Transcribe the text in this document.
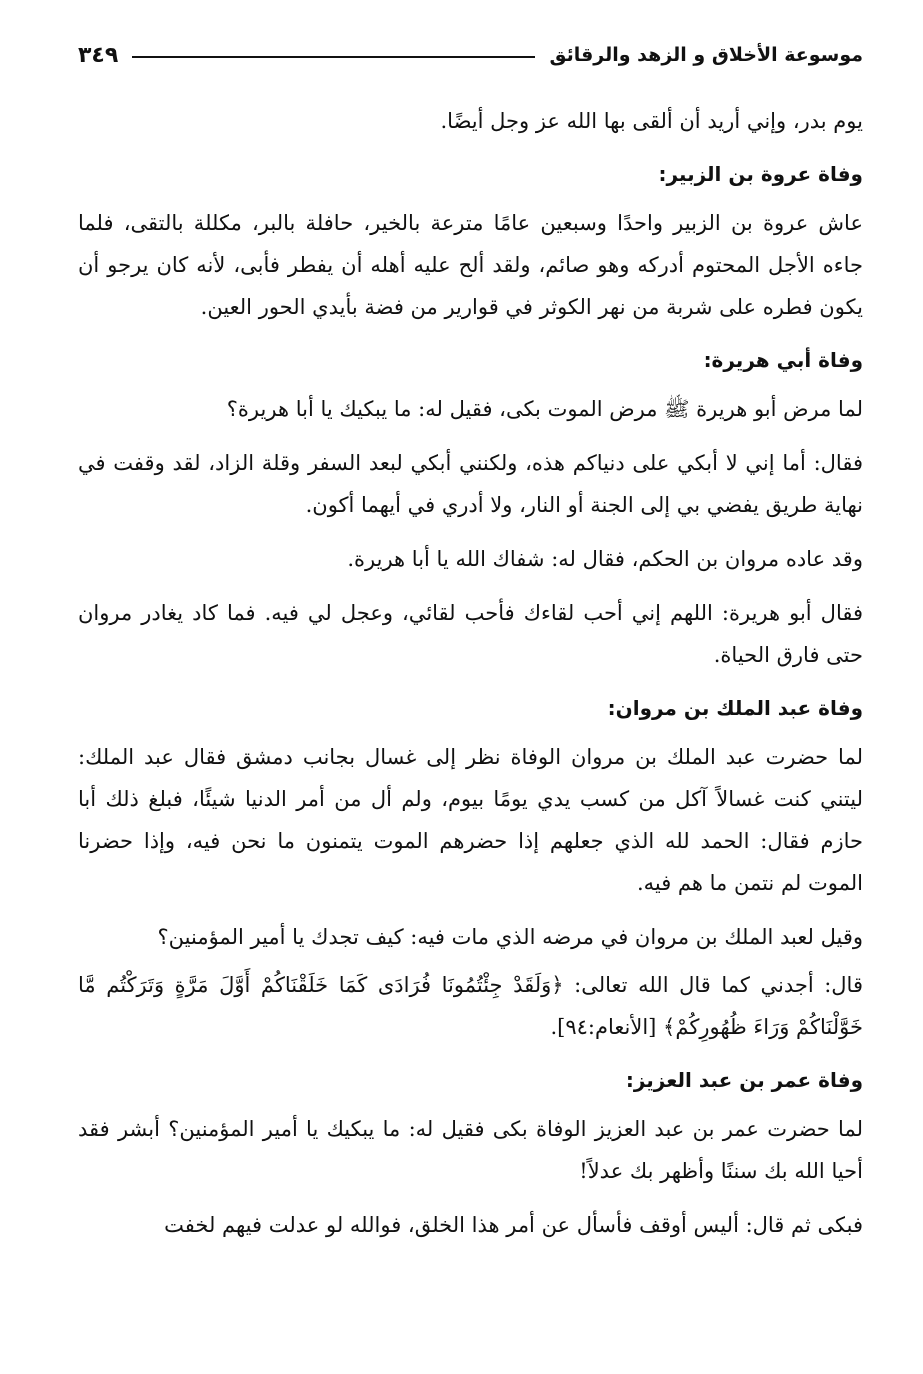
موسوعة الأخلاق و الزهد والرقائق
٣٤٩

يوم بدر، وإني أريد أن ألقى بها الله عز وجل أيضًا.

وفاة عروة بن الزبير:

عاش عروة بن الزبير واحدًا وسبعين عامًا مترعة بالخير، حافلة بالبر، مكللة بالتقى، فلما جاءه الأجل المحتوم أدركه وهو صائم، ولقد ألح عليه أهله أن يفطر فأبى، لأنه كان يرجو أن يكون فطره على شربة من نهر الكوثر في قوارير من فضة بأيدي الحور العين.

وفاة أبي هريرة:

لما مرض أبو هريرة ﷺ مرض الموت بكى، فقيل له: ما يبكيك يا أبا هريرة؟

فقال: أما إني لا أبكي على دنياكم هذه، ولكنني أبكي لبعد السفر وقلة الزاد، لقد وقفت في نهاية طريق يفضي بي إلى الجنة أو النار، ولا أدري في أيهما أكون.

وقد عاده مروان بن الحكم، فقال له: شفاك الله يا أبا هريرة.

فقال أبو هريرة: اللهم إني أحب لقاءك فأحب لقائي، وعجل لي فيه. فما كاد يغادر مروان حتى فارق الحياة.

وفاة عبد الملك بن مروان:

لما حضرت عبد الملك بن مروان الوفاة نظر إلى غسال بجانب دمشق فقال عبد الملك: ليتني كنت غسالاً آكل من كسب يدي يومًا بيوم، ولم أل من أمر الدنيا شيئًا، فبلغ ذلك أبا حازم فقال: الحمد لله الذي جعلهم إذا حضرهم الموت يتمنون ما نحن فيه، وإذا حضرنا الموت لم نتمن ما هم فيه.

وقيل لعبد الملك بن مروان في مرضه الذي مات فيه: كيف تجدك يا أمير المؤمنين؟

قال: أجدني كما قال الله تعالى: ﴿وَلَقَدْ جِئْتُمُونَا فُرَادَى كَمَا خَلَقْنَاكُمْ أَوَّلَ مَرَّةٍ وَتَرَكْتُم مَّا خَوَّلْنَاكُمْ وَرَاءَ ظُهُورِكُمْ﴾ [الأنعام:٩٤].

وفاة عمر بن عبد العزيز:

لما حضرت عمر بن عبد العزيز الوفاة بكى فقيل له: ما يبكيك يا أمير المؤمنين؟ أبشر فقد أحيا الله بك سننًا وأظهر بك عدلاً!

فبكى ثم قال: أليس أوقف فأسأل عن أمر هذا الخلق، فوالله لو عدلت فيهم لخفت
